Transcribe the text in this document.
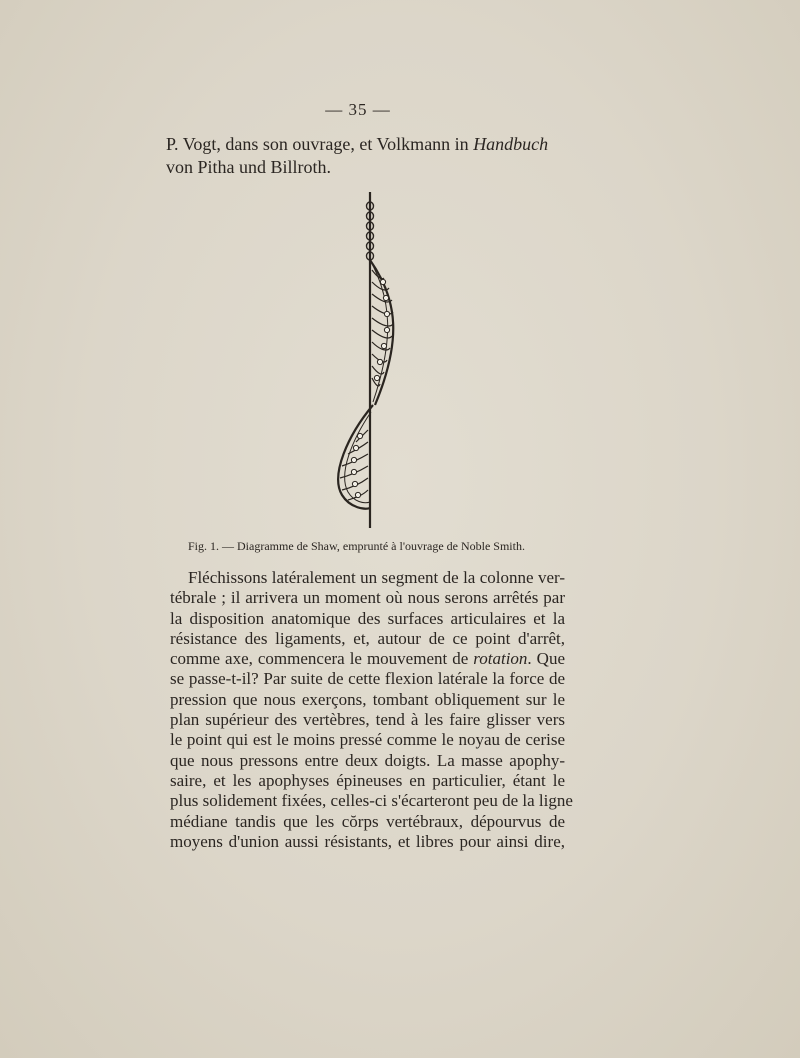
— 35 —
P. Vogt, dans son ouvrage, et Volkmann in Handbuch
von Pitha und Billroth.
Fig. 1. — Diagramme de Shaw, emprunté à l'ouvrage de Noble Smith.
Fléchissons latéralement un segment de la colonne ver-
tébrale ; il arrivera un moment où nous serons arrêtés par
la disposition anatomique des surfaces articulaires et la
résistance des ligaments, et, autour de ce point d'arrêt,
comme axe, commencera le mouvement de rotation. Que
se passe-t-il? Par suite de cette flexion latérale la force de
pression que nous exerçons, tombant obliquement sur le
plan supérieur des vertèbres, tend à les faire glisser vers
le point qui est le moins pressé comme le noyau de cerise
que nous pressons entre deux doigts. La masse apophy-
saire, et les apophyses épineuses en particulier, étant le
plus solidement fixées, celles-ci s'écarteront peu de la ligne
médiane tandis que les cŏrps vertébraux, dépourvus de
moyens d'union aussi résistants, et libres pour ainsi dire,
